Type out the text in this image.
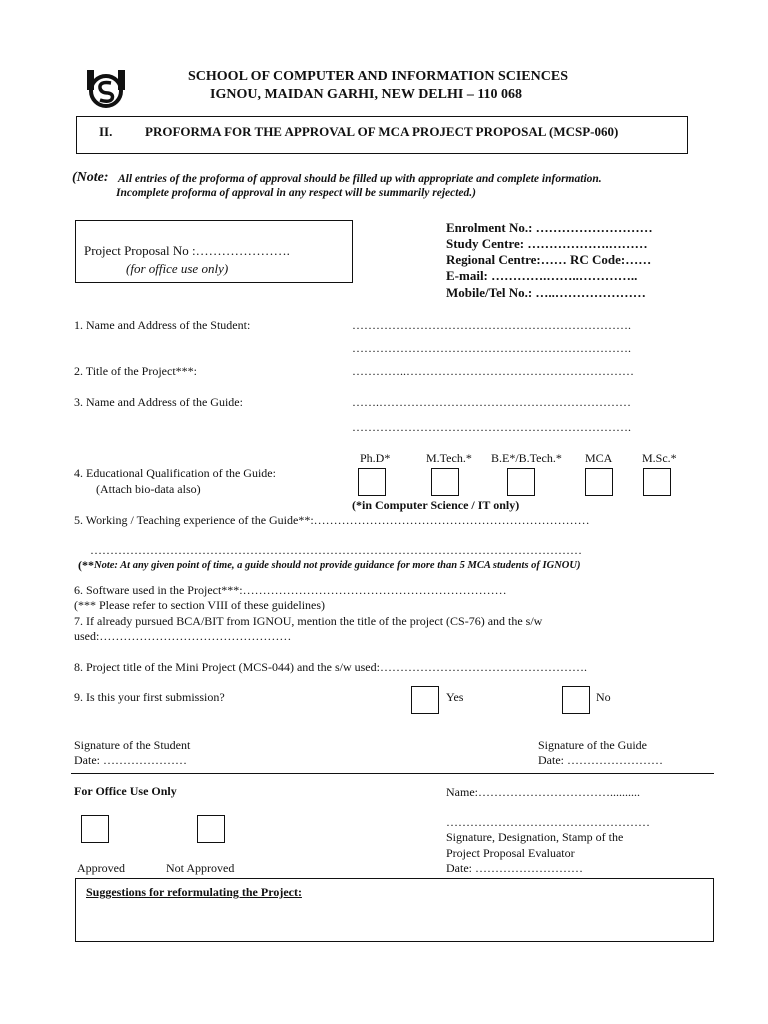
SCHOOL OF COMPUTER AND INFORMATION SCIENCES
IGNOU, MAIDAN GARHI, NEW DELHI – 110 068
II.	PROFORMA FOR THE APPROVAL OF MCA PROJECT PROPOSAL (MCSP-060)
(Note: All entries of the proforma of approval should be filled up with appropriate and complete information.
Incomplete proforma of approval in any respect will be summarily rejected.)
Project Proposal No :………………….
(for office use only)
Enrolment No.: ………………………
Study Centre: ……………….………
Regional Centre:…… RC Code:……
E-mail: ………….……..…………..
Mobile/Tel No.: …..…………………
1. Name and Address of the Student:	…………………………………………………………….
…………………………………………………………….
2. Title of the Project***:	…………..…………………………………………………
3. Name and Address of the Guide:	…….………………………………………………………
…………………………………………………………….
Ph.D*	M.Tech.* B.E*/B.Tech.* MCA M.Sc.*
4. Educational Qualification of the Guide:
(Attach bio-data also)
(*in Computer Science / IT only)
5. Working / Teaching experience of the Guide**:……………………………………………………………
……………………………………………………………………………………………………………
(** Note: At any given point of time, a guide should not provide guidance for more than 5 MCA students of IGNOU)
6. Software used in the Project***:…………………………………………………………
(*** Please refer to section VIII of these guidelines)
7. If already pursued BCA/BIT from IGNOU, mention the title of the project (CS-76) and the s/w
used:…………………………………………
8. Project title of the Mini Project (MCS-044) and the s/w used:…………………………………………….
9. Is this your first submission?	Yes	No
Signature of the Student
Date: …………………
Signature of the Guide
Date: ……………………
For Office Use Only	Name:……………………………..........
……………………………………………
Signature, Designation, Stamp of the
Project Proposal Evaluator
Date: ………………………
Approved	Not Approved
Suggestions for reformulating the Project:
